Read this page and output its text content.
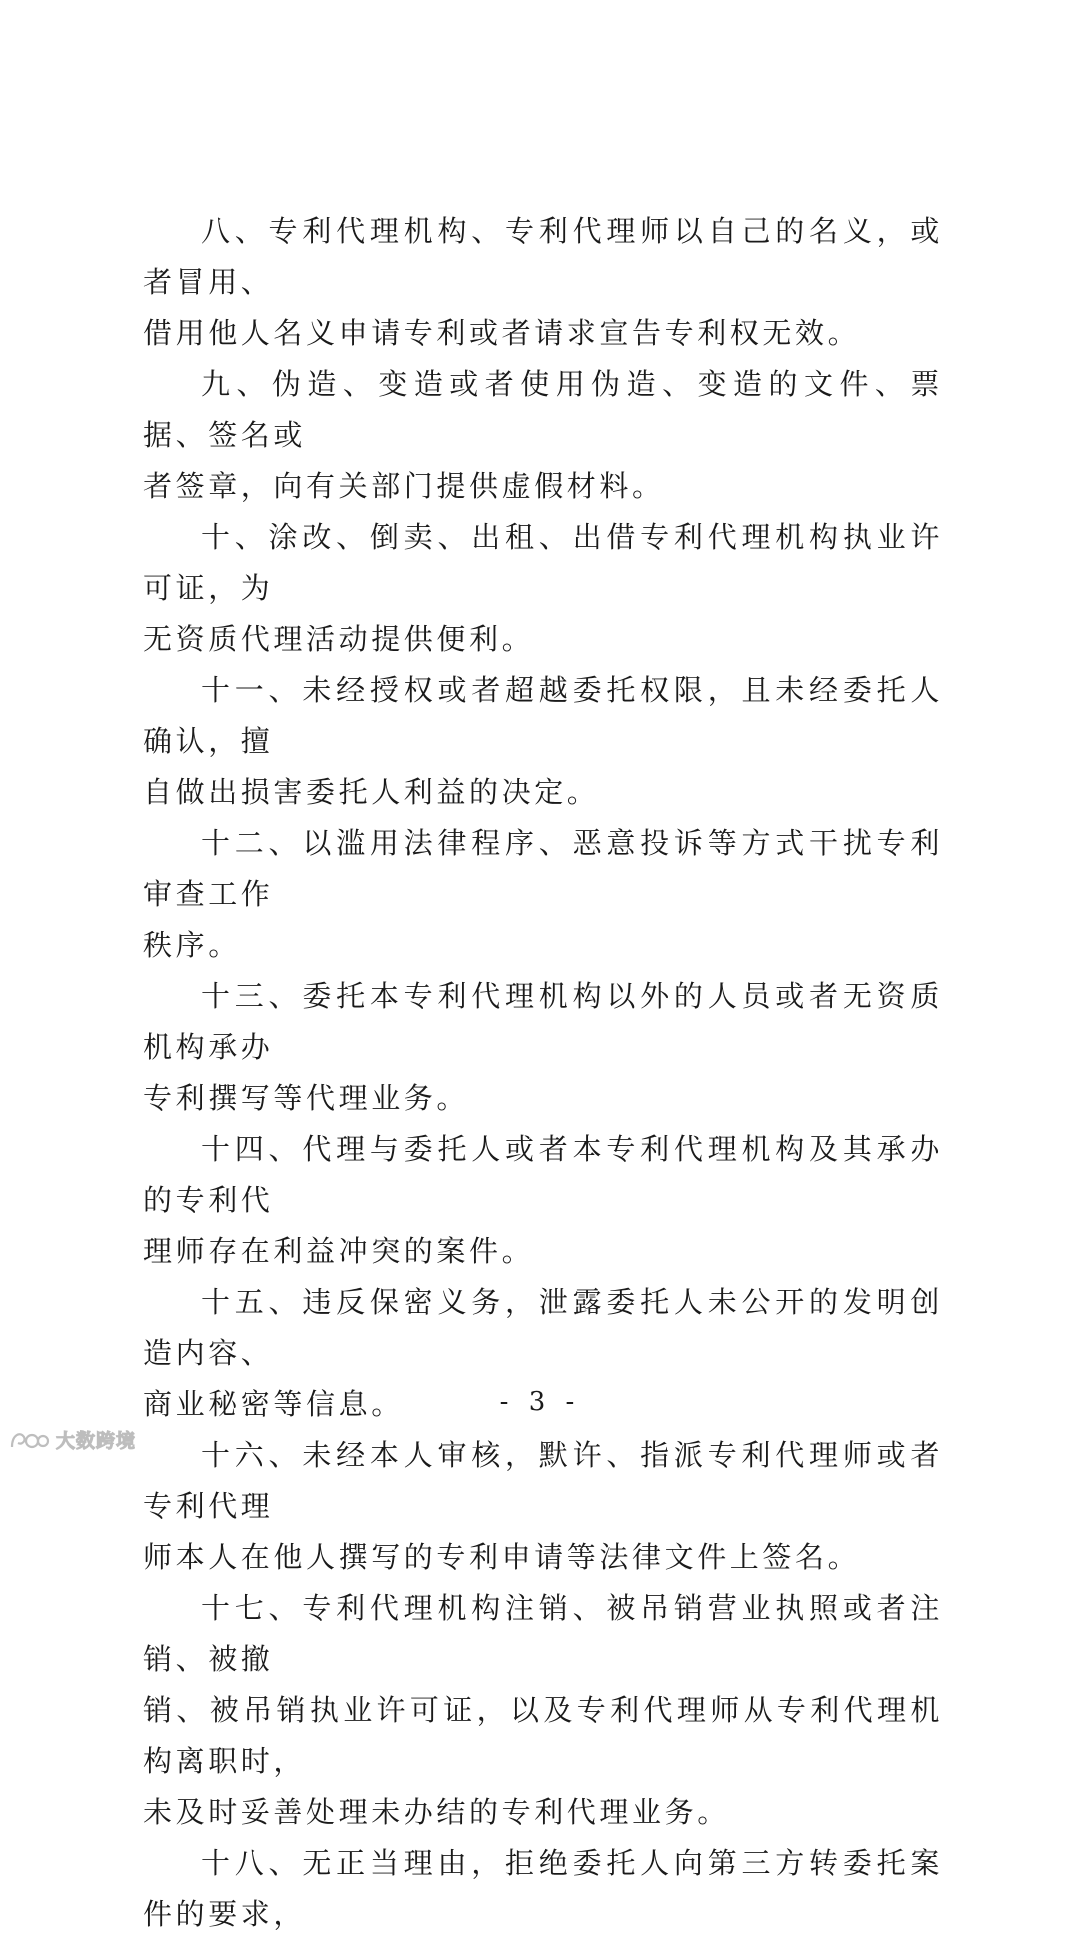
八、专利代理机构、专利代理师以自己的名义，或者冒用、
借用他人名义申请专利或者请求宣告专利权无效。

九、伪造、变造或者使用伪造、变造的文件、票据、签名或
者签章，向有关部门提供虚假材料。

十、涂改、倒卖、出租、出借专利代理机构执业许可证，为
无资质代理活动提供便利。

十一、未经授权或者超越委托权限，且未经委托人确认，擅
自做出损害委托人利益的决定。

十二、以滥用法律程序、恶意投诉等方式干扰专利审查工作
秩序。

十三、委托本专利代理机构以外的人员或者无资质机构承办
专利撰写等代理业务。

十四、代理与委托人或者本专利代理机构及其承办的专利代
理师存在利益冲突的案件。

十五、违反保密义务，泄露委托人未公开的发明创造内容、
商业秘密等信息。

十六、未经本人审核，默许、指派专利代理师或者专利代理
师本人在他人撰写的专利申请等法律文件上签名。

十七、专利代理机构注销、被吊销营业执照或者注销、被撤
销、被吊销执业许可证，以及专利代理师从专利代理机构离职时，
未及时妥善处理未办结的专利代理业务。

十八、无正当理由，拒绝委托人向第三方转委托案件的要求，

- 3 -
大数跨境
